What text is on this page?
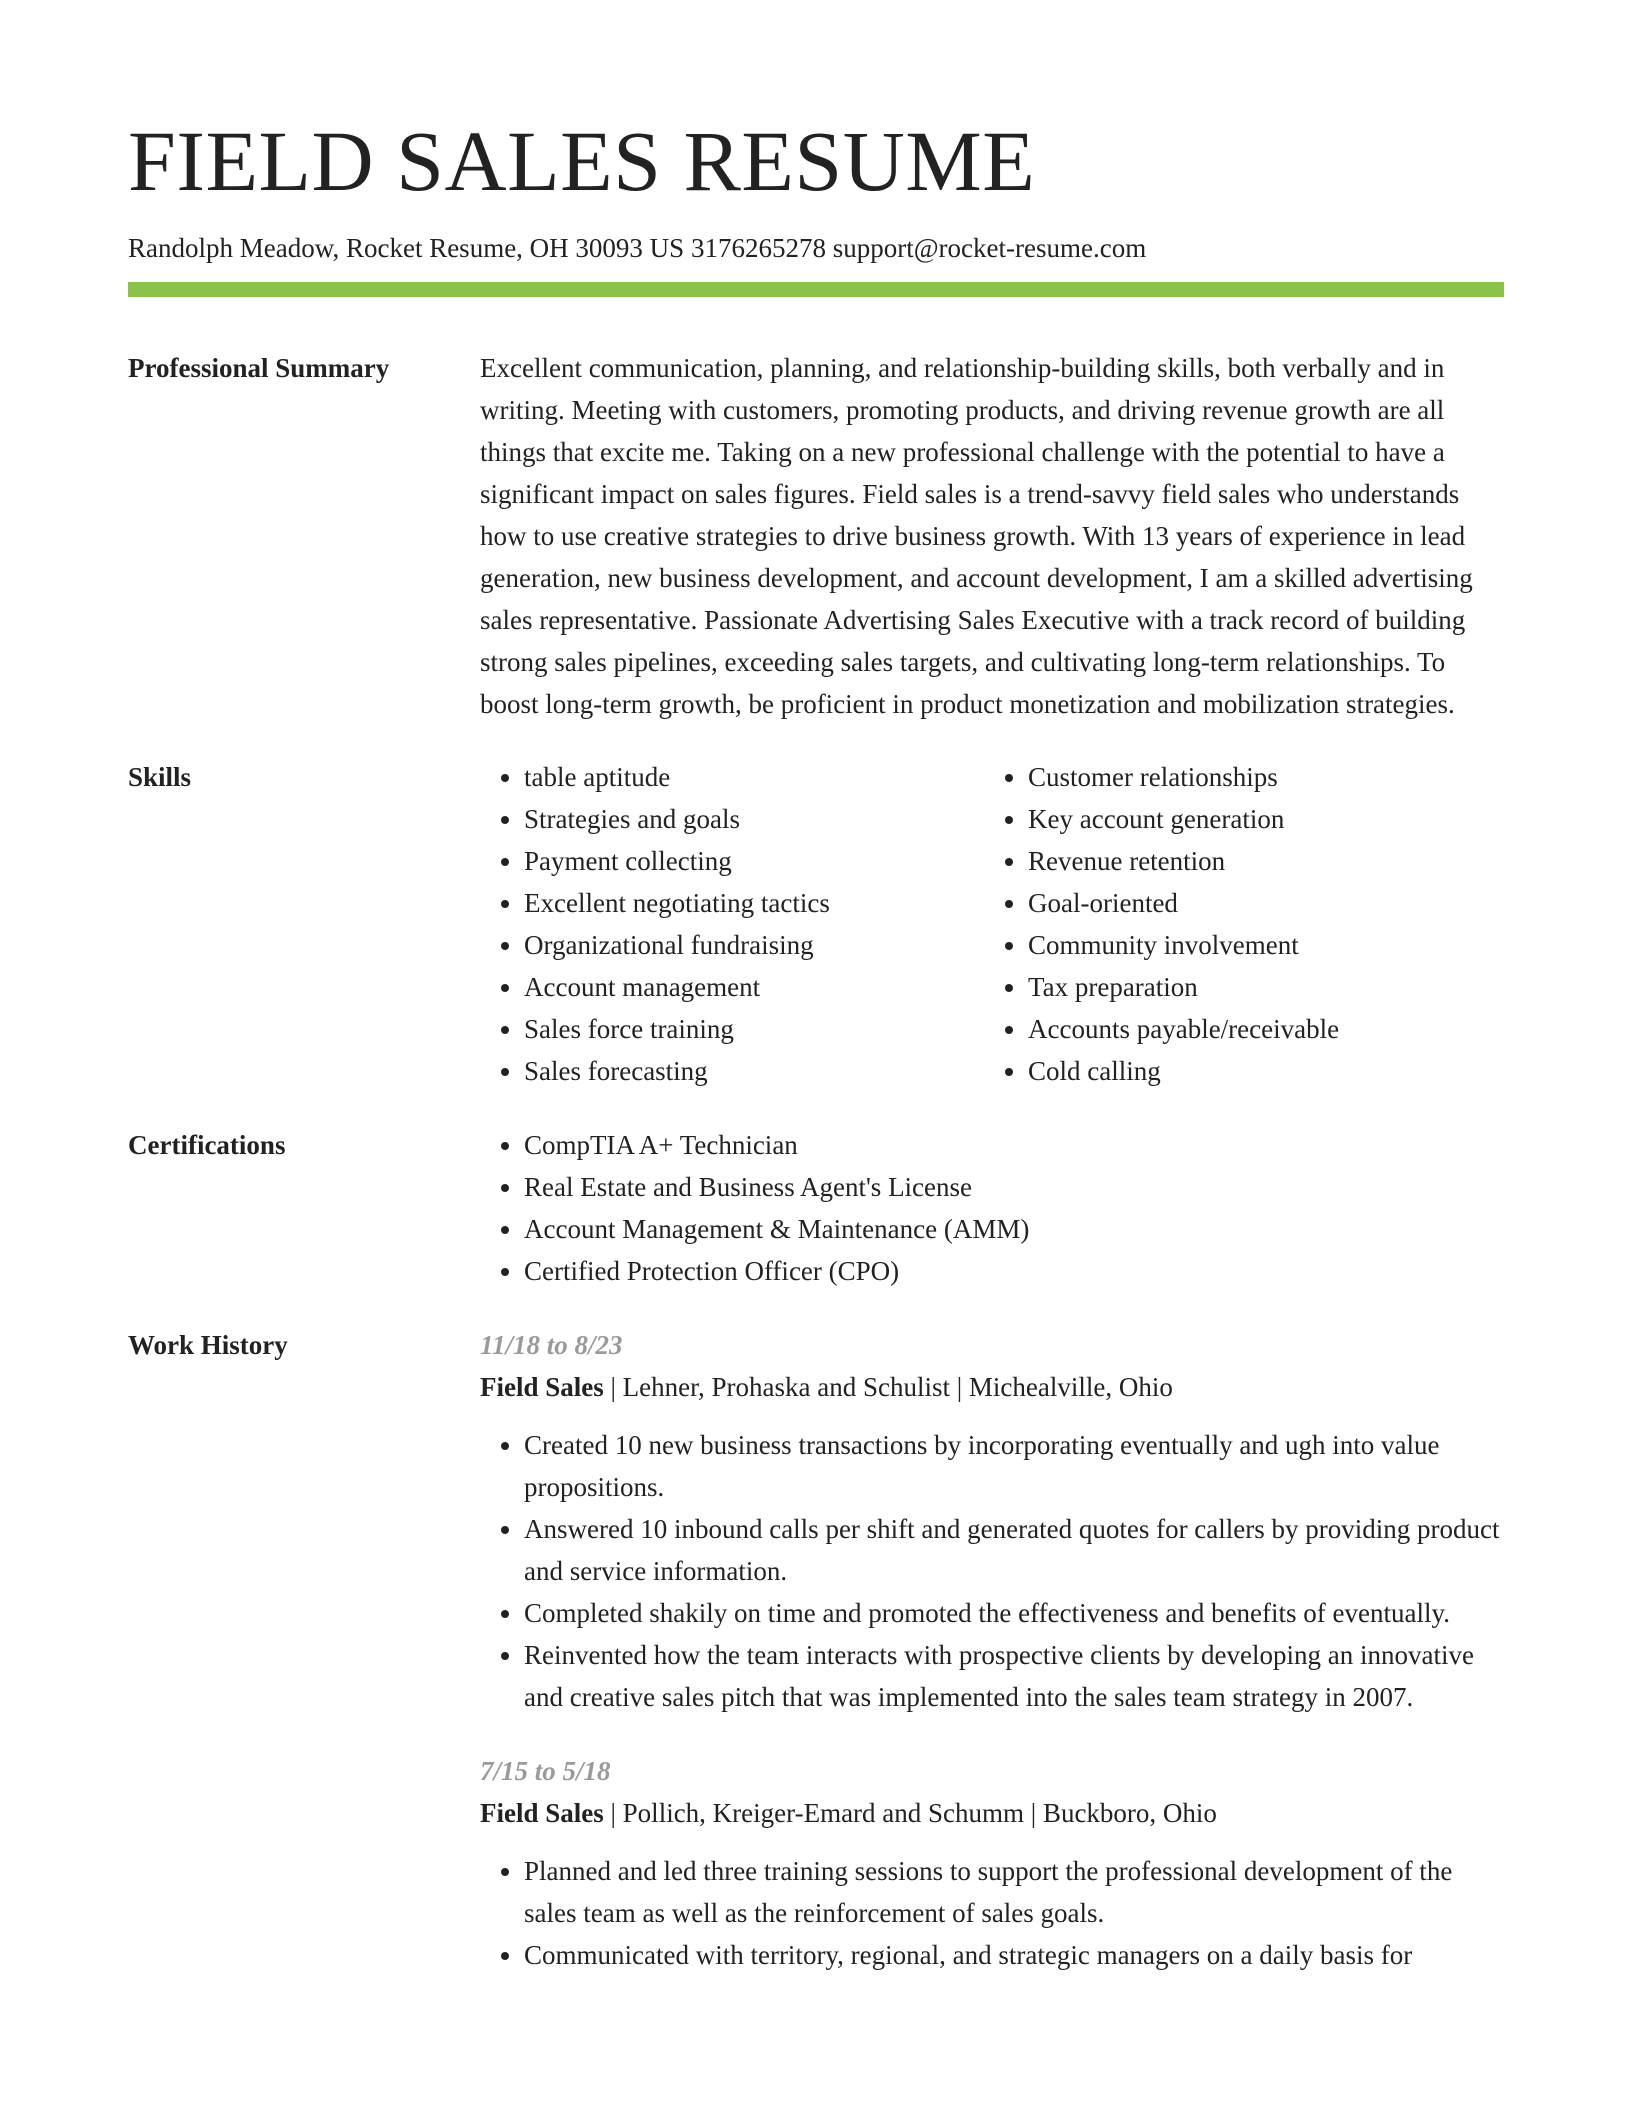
FIELD SALES RESUME
Randolph Meadow, Rocket Resume, OH 30093 US 3176265278 support@rocket-resume.com
Professional Summary	Excellent communication, planning, and relationship-building skills, both verbally and in writing. Meeting with customers, promoting products, and driving revenue growth are all things that excite me. Taking on a new professional challenge with the potential to have a significant impact on sales figures. Field sales is a trend-savvy field sales who understands how to use creative strategies to drive business growth. With 13 years of experience in lead generation, new business development, and account development, I am a skilled advertising sales representative. Passionate Advertising Sales Executive with a track record of building strong sales pipelines, exceeding sales targets, and cultivating long-term relationships. To boost long-term growth, be proficient in product monetization and mobilization strategies.
Skills	• table aptitude
• Strategies and goals
• Payment collecting
• Excellent negotiating tactics
• Organizational fundraising
• Account management
• Sales force training
• Sales forecasting
• Customer relationships
• Key account generation
• Revenue retention
• Goal-oriented
• Community involvement
• Tax preparation
• Accounts payable/receivable
• Cold calling
Certifications	• CompTIA A+ Technician
• Real Estate and Business Agent's License
• Account Management & Maintenance (AMM)
• Certified Protection Officer (CPO)
Work History	11/18 to 8/23
Field Sales | Lehner, Prohaska and Schulist | Michealville, Ohio
• Created 10 new business transactions by incorporating eventually and ugh into value propositions.
• Answered 10 inbound calls per shift and generated quotes for callers by providing product and service information.
• Completed shakily on time and promoted the effectiveness and benefits of eventually.
• Reinvented how the team interacts with prospective clients by developing an innovative and creative sales pitch that was implemented into the sales team strategy in 2007.
7/15 to 5/18
Field Sales | Pollich, Kreiger-Emard and Schumm | Buckboro, Ohio
• Planned and led three training sessions to support the professional development of the sales team as well as the reinforcement of sales goals.
• Communicated with territory, regional, and strategic managers on a daily basis for
